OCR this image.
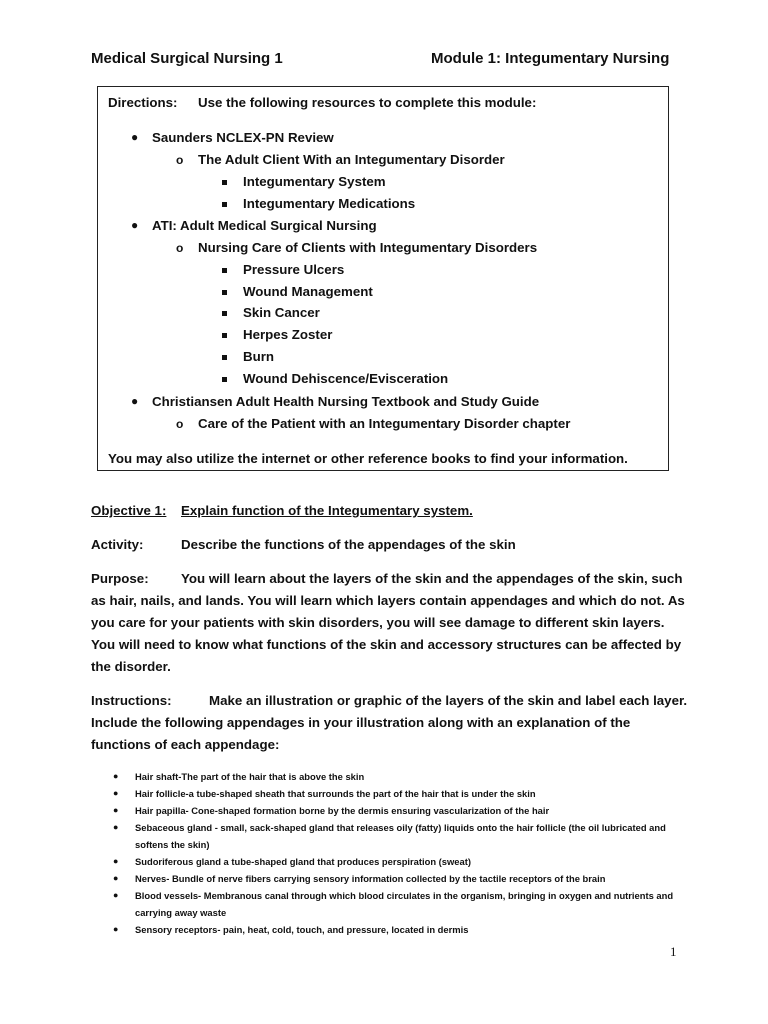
Medical Surgical Nursing 1	Module 1: Integumentary Nursing
Directions: Use the following resources to complete this module:
● Saunders NCLEX-PN Review
o The Adult Client With an Integumentary Disorder
Integumentary System
Integumentary Medications
● ATI: Adult Medical Surgical Nursing
o Nursing Care of Clients with Integumentary Disorders
Pressure Ulcers
Wound Management
Skin Cancer
Herpes Zoster
Burn
Wound Dehiscence/Evisceration
● Christiansen Adult Health Nursing Textbook and Study Guide
o Care of the Patient with an Integumentary Disorder chapter
You may also utilize the internet or other reference books to find your information.
Objective 1: Explain function of the Integumentary system.
Activity:	Describe the functions of the appendages of the skin
Purpose: You will learn about the layers of the skin and the appendages of the skin, such as hair, nails, and lands. You will learn which layers contain appendages and which do not. As you care for your patients with skin disorders, you will see damage to different skin layers. You will need to know what functions of the skin and accessory structures can be affected by the disorder.
Instructions:	Make an illustration or graphic of the layers of the skin and label each layer. Include the following appendages in your illustration along with an explanation of the functions of each appendage:
● Hair shaft-The part of the hair that is above the skin
● Hair follicle-a tube-shaped sheath that surrounds the part of the hair that is under the skin
● Hair papilla- Cone-shaped formation borne by the dermis ensuring vascularization of the hair
● Sebaceous gland - small, sack-shaped gland that releases oily (fatty) liquids onto the hair follicle (the oil lubricated and softens the skin)
● Sudoriferous gland a tube-shaped gland that produces perspiration (sweat)
● Nerves- Bundle of nerve fibers carrying sensory information collected by the tactile receptors of the brain
● Blood vessels- Membranous canal through which blood circulates in the organism, bringing in oxygen and nutrients and carrying away waste
● Sensory receptors- pain, heat, cold, touch, and pressure, located in dermis
1
